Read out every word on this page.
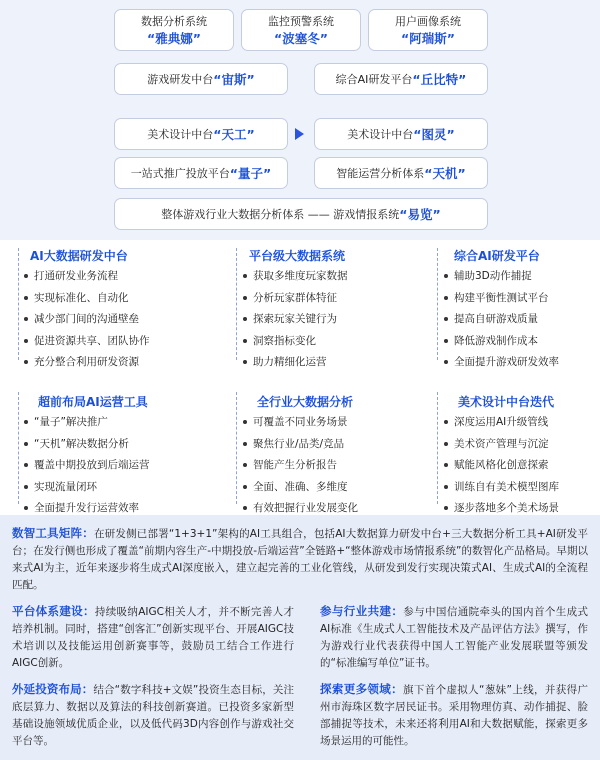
数据分析系统
“雅典娜”
监控预警系统
“波塞冬”
用户画像系统
“阿瑞斯”
游戏研发中台 “宙斯”	综合AI研发平台 “丘比特”
美术设计中台 “天工”	美术设计中台 “图灵”
一站式推广投放平台 “量子”	智能运营分析体系 “天机”
整体游戏行业大数据分析体系 —— 游戏情报系统 “易览”
AI大数据研发中台
打通研发业务流程
实现标准化、自动化
减少部门间的沟通壁垒
促进资源共享、团队协作
充分整合利用研发资源
平台级大数据系统
获取多维度玩家数据
分析玩家群体特征
探索玩家关键行为
洞察指标变化
助力精细化运营
综合AI研发平台
辅助3D动作捕捉
构建平衡性测试平台
提高自研游戏质量
降低游戏制作成本
全面提升游戏研发效率
超前布局AI运营工具
“量子”解决推广
“天机”解决数据分析
覆盖中期投放到后端运营
实现流量闭环
全面提升发行运营效率
全行业大数据分析
可覆盖不同业务场景
聚焦行业/品类/竞品
智能产生分析报告
全面、准确、多维度
有效把握行业发展变化
美术设计中台迭代
深度运用AI升级管线
美术资产管理与沉淀
赋能风格化创意探索
训练自有美术模型图库
逐步落地多个美术场景

数智工具矩阵：在研发侧已部署“1+3+1”架构的AI工具组合，包括AI大数据算力研发中台+三大数据分析工具+AI研发平台；在发行侧也形成了覆盖“前期内容生产-中期投放-后端运营”全链路+“整体游戏市场情报系统”的数智化产品格局。早期以来式AI为主，近年来逐步将生成式AI深度嵌入，建立起完善的工业化管线，从研发到发行实现决策式AI、生成式AI的全流程匹配。

平台体系建设：持续吸纳AIGC相关人才，并不断完善人才培养机制。同时，搭建“创客汇”创新实现平台、开展AIGC技术培训以及技能运用创新赛事等，鼓励员工结合工作进行AIGC创新。

参与行业共建：参与中国信通院牵头的国内首个生成式AI标准《生成式人工智能技术及产品评估方法》撰写，作为游戏行业代表获得中国人工智能产业发展联盟等颁发的“标准编写单位”证书。

外延投资布局：结合“数字科技+文娱”投资生态目标，关注底层算力、数据以及算法的科技创新赛道。已投资多家新型基础设施领域优质企业，以及低代码3D内容创作与游戏社交平台等。

探索更多领域：旗下首个虚拟人“葱妹”上线，并获得广州市海珠区数字居民证书。采用物理仿真、动作捕捉、脸部捕捉等技术，未来还将利用AI和大数据赋能，探索更多场景运用的可能性。
